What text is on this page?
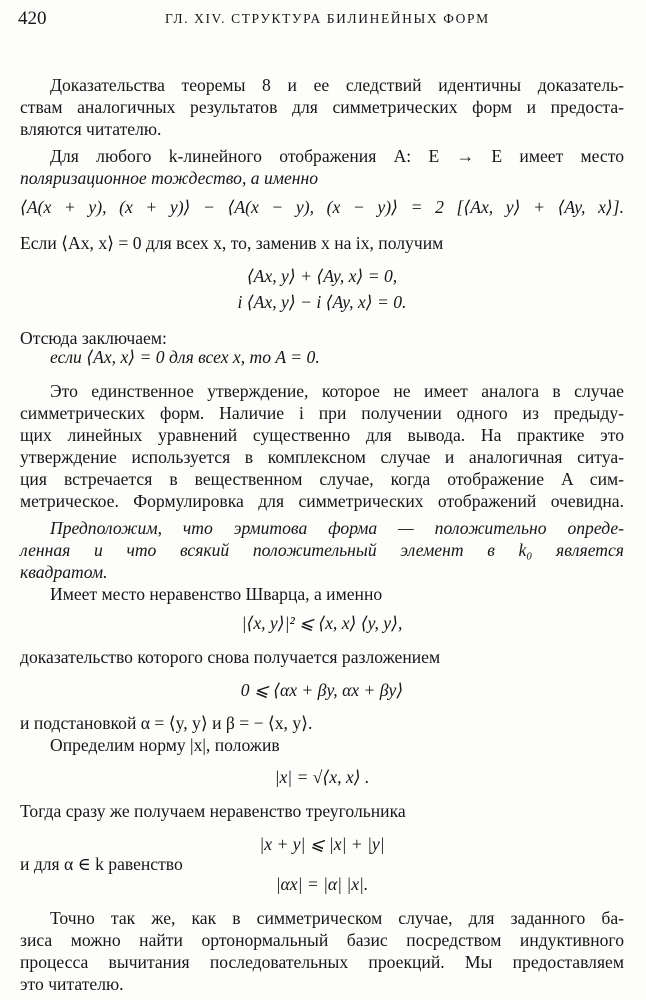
420	ГЛ. XIV. СТРУКТУРА БИЛИНЕЙНЫХ ФОРМ
Доказательства теоремы 8 и ее следствий идентичны доказатель-
ствам аналогичных результатов для симметрических форм и предоста-
вляются читателю.
Для любого k-линейного отображения A: E → E имеет место
поляризационное тождество, а именно
⟨A(x + y), (x + y)⟩ − ⟨A(x − y), (x − y)⟩ = 2 [⟨Ax, y⟩ + ⟨Ay, x⟩].
Если ⟨Ax, x⟩ = 0 для всех x, то, заменив x на ix, получим
⟨Ax, y⟩ + ⟨Ay, x⟩ = 0,
i ⟨Ax, y⟩ − i ⟨Ay, x⟩ = 0.
Отсюда заключаем:
если ⟨Ax, x⟩ = 0 для всех x, то A = 0.
Это единственное утверждение, которое не имеет аналога в случае
симметрических форм. Наличие i при получении одного из предыду-
щих линейных уравнений существенно для вывода. На практике это
утверждение используется в комплексном случае и аналогичная ситуа-
ция встречается в вещественном случае, когда отображение A сим-
метрическое. Формулировка для симметрических отображений очевидна.
Предположим, что эрмитова форма — положительно опреде-
ленная и что всякий положительный элемент в k₀ является
квадратом.
Имеет место неравенство Шварца, а именно
|⟨x, y⟩|² ⩽ ⟨x, x⟩ ⟨y, y⟩,
доказательство которого снова получается разложением
0 ⩽ ⟨αx + βy, αx + βy⟩
и подстановкой α = ⟨y, y⟩ и β = − ⟨x, y⟩.
Определим норму |x|, положив
|x| = √⟨x, x⟩ .
Тогда сразу же получаем неравенство треугольника
|x + y| ⩽ |x| + |y|
и для α ∈ k равенство
|αx| = |α| |x|.
Точно так же, как в симметрическом случае, для заданного ба-
зиса можно найти ортонормальный базис посредством индуктивного
процесса вычитания последовательных проекций. Мы предоставляем
это читателю.
